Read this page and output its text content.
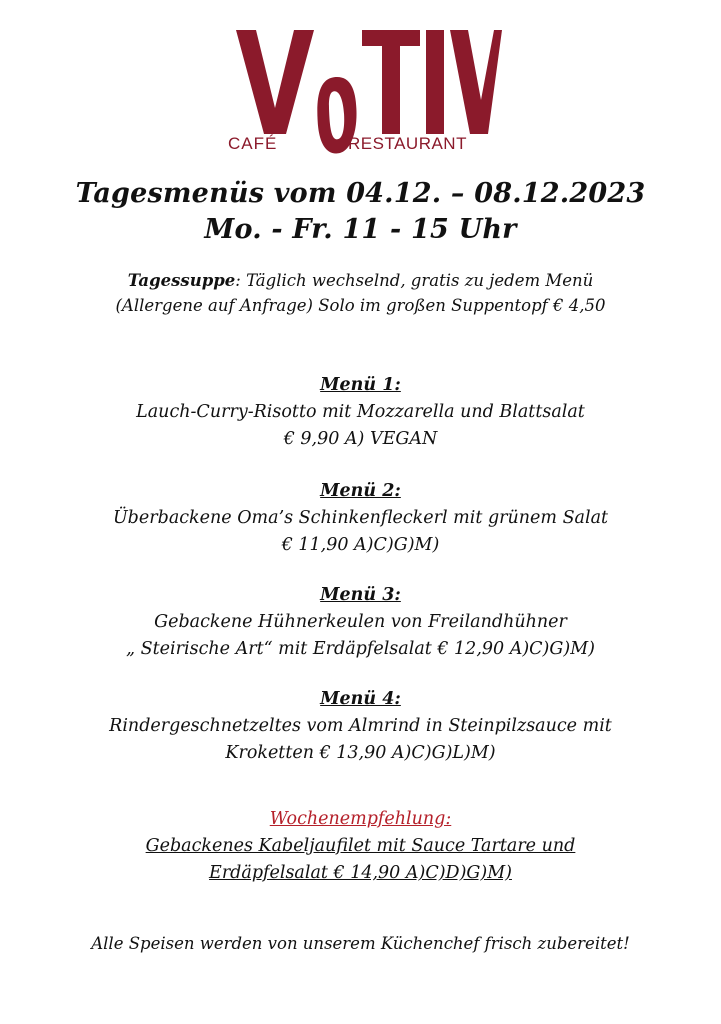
CAFÉ	RESTAURANT
Tagesmenüs vom 04.12. – 08.12.2023
Mo. - Fr. 11 - 15 Uhr
Tagessuppe: Täglich wechselnd, gratis zu jedem Menü
(Allergene auf Anfrage) Solo im großen Suppentopf € 4,50
Menü 1:
Lauch-Curry-Risotto mit Mozzarella und Blattsalat
€ 9,90 A) VEGAN
Menü 2:
Überbackene Oma’s Schinkenfleckerl mit grünem Salat
€ 11,90 A)C)G)M)
Menü 3:
Gebackene Hühnerkeulen von Freilandhühner
„ Steirische Art“ mit Erdäpfelsalat € 12,90 A)C)G)M)
Menü 4:
Rindergeschnetzeltes vom Almrind in Steinpilzsauce mit
Kroketten € 13,90 A)C)G)L)M)
Wochenempfehlung:
Gebackenes Kabeljaufilet mit Sauce Tartare und
Erdäpfelsalat € 14,90 A)C)D)G)M)
Alle Speisen werden von unserem Küchenchef frisch zubereitet!
